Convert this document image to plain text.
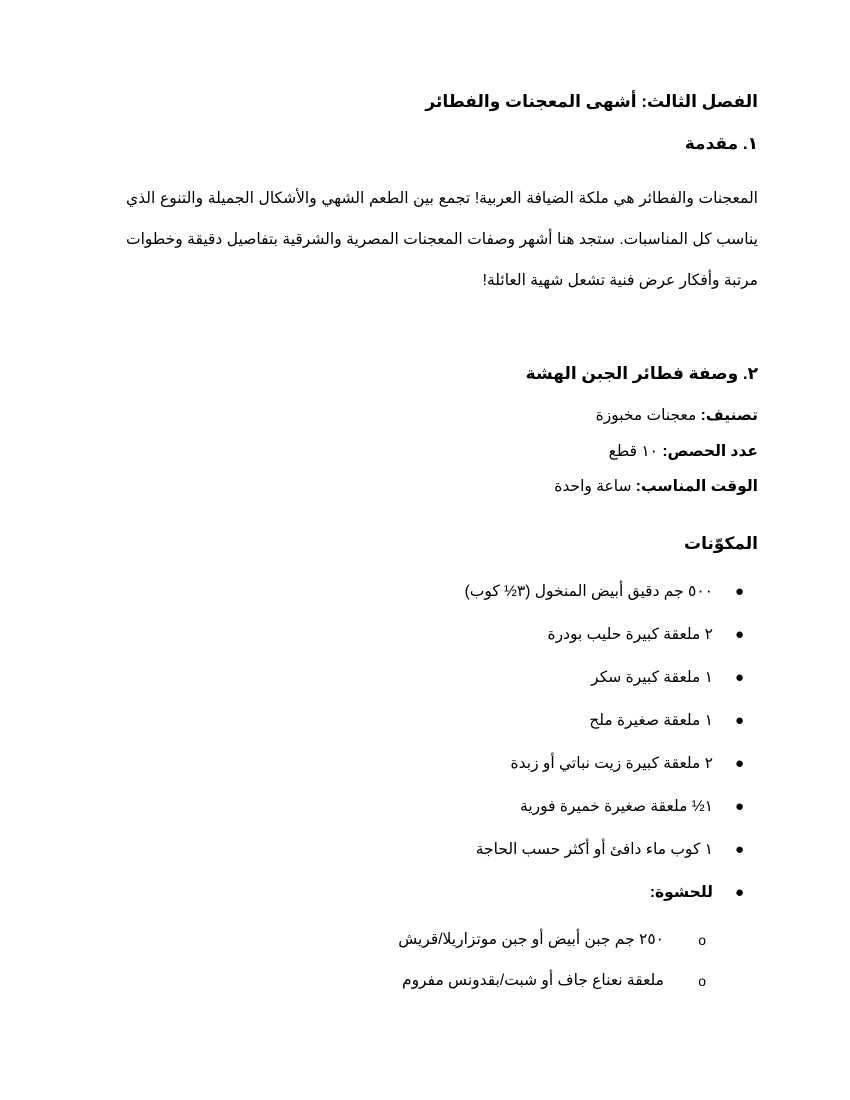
الفصل الثالث: أشهى المعجنات والفطائر
١. مقدمة
المعجنات والفطائر هي ملكة الضيافة العربية! تجمع بين الطعم الشهي والأشكال الجميلة والتنوع الذي يناسب كل المناسبات. ستجد هنا أشهر وصفات المعجنات المصرية والشرقية بتفاصيل دقيقة وخطوات مرتبة وأفكار عرض فنية تشعل شهية العائلة!
٢. وصفة فطائر الجبن الهشة
تصنيف: معجنات مخبوزة
عدد الحصص: ١٠ قطع
الوقت المناسب: ساعة واحدة
المكوّنات
●
٥٠٠ جم دقيق أبيض المنخول (٣½ كوب)
●
٢ ملعقة كبيرة حليب بودرة
●
١ ملعقة كبيرة سكر
●
١ ملعقة صغيرة ملح
●
٢ ملعقة كبيرة زيت نباتي أو زبدة
●
١½ ملعقة صغيرة خميرة فورية
●
١ كوب ماء دافئ أو أكثر حسب الحاجة
●
للحشوة:
o
٢٥٠ جم جبن أبيض أو جبن موتزاريلا/قريش
o
ملعقة نعناع جاف أو شبت/بقدونس مفروم
